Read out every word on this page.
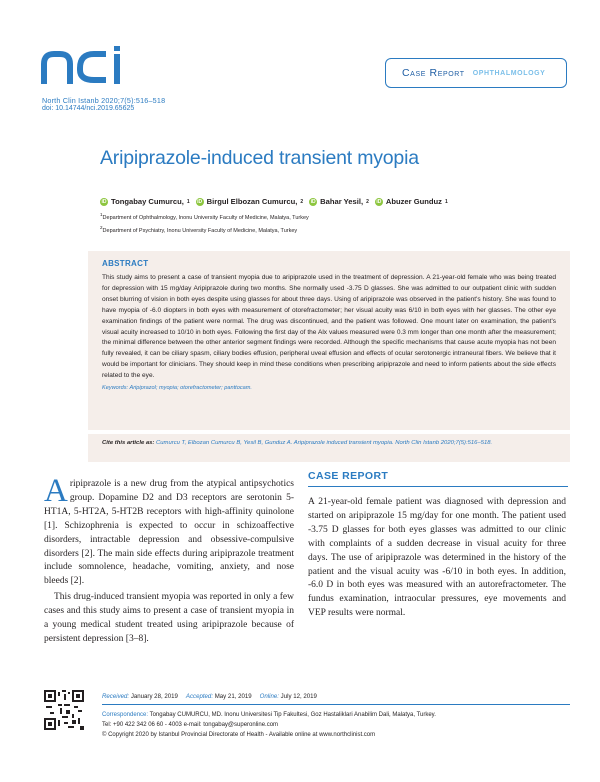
North Clin Istanb 2020;7(5):516–518
doi: 10.14744/nci.2019.65625
Case Report OPHTHALMOLOGY
Aripiprazole-induced transient myopia
iD Tongabay Cumurcu, 1	iD Birgul Elbozan Cumurcu, 2	iD Bahar Yesil, 2	iD Abuzer Gunduz 1
$^1$Department of Ophthalmology, Inonu University Faculty of Medicine, Malatya, Turkey
$^2$Department of Psychiatry, Inonu University Faculty of Medicine, Malatya, Turkey
ABSTRACT
This study aims to present a case of transient myopia due to aripiprazole used in the treatment of depression. A 21-year-old female who was being treated for depression with 15 mg/day Aripiprazole during two months. She normally used -3.75 D glasses. She was admitted to our outpatient clinic with sudden onset blurring of vision in both eyes despite using glasses for about three days. Using of aripiprazole was observed in the patient's history. She was found to have myopia of -6.0 diopters in both eyes with measurement of otorefractometer; her visual acuity was 6/10 in both eyes with her glasses. The other eye examination findings of the patient were normal. The drug was discontinued, and the patient was followed. One mount later on examination, the patient's visual acuity increased to 10/10 in both eyes. Following the first day of the Alx values measured were 0.3 mm longer than one month after the measurement; the minimal difference between the other anterior segment findings were recorded. Although the specific mechanisms that cause acute myopia has not been fully revealed, it can be ciliary spasm, ciliary bodies effusion, peripheral uveal effusion and effects of ocular serotonergic intraneural fibers. We believe that it would be important for clinicians. They should keep in mind these conditions when prescribing aripiprazole and need to inform patients about the side effects related to the eye.
Keywords: Aripiprazol; myopia; otorefractometer; panttocam.
Cite this article as: Cumurcu T, Elbozan Cumurcu B, Yesil B, Gunduz A. Aripiprazole induced transient myopia. North Clin Istanb 2020;7(5):516–518.

Aripiprazole is a new drug from the atypical antipsychotics group. Dopamine D2 and D3 receptors are serotonin 5-HT1A, 5-HT2A, 5-HT2B receptors with high-affinity quinolone [1]. Schizophrenia is expected to occur in schizoaffective disorders, intractable depression and obsessive-compulsive disorders [2]. The main side effects during aripiprazole treatment include somnolence, headache, vomiting, anxiety, and nose bleeds [2].

This drug-induced transient myopia was reported in only a few cases and this study aims to present a case of transient myopia in a young medical student treated using aripiprazole because of persistent depression [3–8].

CASE REPORT

A 21-year-old female patient was diagnosed with depression and started on aripiprazole 15 mg/day for one month. The patient used -3.75 D glasses for both eyes glasses was admitted to our clinic with complaints of a sudden decrease in visual acuity for three days. The use of aripiprazole was determined in the history of the patient and the visual acuity was -6/10 in both eyes. In addition, -6.0 D in both eyes was measured with an autorefractometer. The fundus examination, intraocular pressures, eye movements and VEP results were normal.

Received: January 28, 2019 Accepted: May 21, 2019 Online: July 12, 2019
Correspondence: Tongabay CUMURCU, MD. Inonu Universitesi Tip Fakultesi, Goz Hastaliklari Anabilim Dali, Malatya, Turkey.
Tel: +90 422 342 06 60 - 4003 e-mail: tongabay@superonline.com
© Copyright 2020 by Istanbul Provincial Directorate of Health - Available online at www.northclinist.com
